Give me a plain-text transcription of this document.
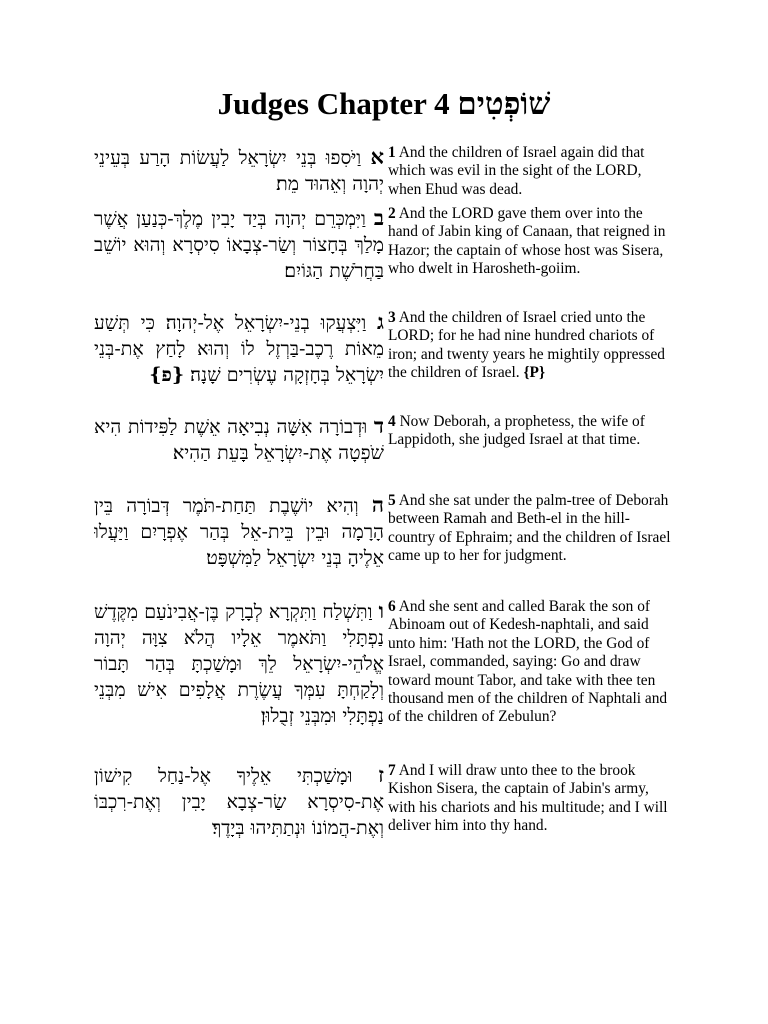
Judges Chapter 4 שׁוֹפְטִים
א וַיֹּסִפוּ בְּנֵי יִשְׂרָאֵל לַעֲשׂוֹת הָרַע בְּעֵינֵי יְהוָה וְאֵהוּד מֵת׃
1 And the children of Israel again did that which was evil in the sight of the LORD, when Ehud was dead.
ב וַיִּמְכְּרֵם יְהוָה בְּיַד יָבִין מֶלֶךְ-כְּנַעַן אֲשֶׁר מָלַךְ בְּחָצוֹר וְשַׂר-צְבָאוֹ סִיסְרָא וְהוּא יוֹשֵׁב בַּחֲרֹשֶׁת הַגּוֹיִם׃
2 And the LORD gave them over into the hand of Jabin king of Canaan, that reigned in Hazor; the captain of whose host was Sisera, who dwelt in Harosheth-goiim.
ג וַיִּצְעֲקוּ בְנֵי-יִשְׂרָאֵל אֶל-יְהוָה׃ כִּי תְּשַׁע מֵאוֹת רֶכֶב-בַּרְזֶל לוֹ וְהוּא לָחַץ אֶת-בְּנֵי יִשְׂרָאֵל בְּחָזְקָה עֶשְׂרִים שָׁנָה׃ {פ}
3 And the children of Israel cried unto the LORD; for he had nine hundred chariots of iron; and twenty years he mightily oppressed the children of Israel. {P}
ד וּדְבוֹרָה אִשָּׁה נְבִיאָה אֵשֶׁת לַפִּידוֹת הִיא שֹׁפְטָה אֶת-יִשְׂרָאֵל בָּעֵת הַהִיא׃
4 Now Deborah, a prophetess, the wife of Lappidoth, she judged Israel at that time.
ה וְהִיא יוֹשֶׁבֶת תַּחַת-תֹּמֶר דְּבוֹרָה בֵּין הָרָמָה וּבֵין בֵּית-אֵל בְּהַר אֶפְרָיִם וַיַּעֲלוּ אֵלֶיהָ בְּנֵי יִשְׂרָאֵל לַמִּשְׁפָּט׃
5 And she sat under the palm-tree of Deborah between Ramah and Beth-el in the hill-country of Ephraim; and the children of Israel came up to her for judgment.
ו וַתִּשְׁלַח וַתִּקְרָא לְבָרָק בֶּן-אֲבִינֹעַם מִקֶּדֶשׁ נַפְתָּלִי וַתֹּאמֶר אֵלָיו הֲלֹא צִוָּה יְהוָה אֱלֹהֵי-יִשְׂרָאֵל לֵךְ וּמָשַׁכְתָּ בְּהַר תָּבוֹר וְלָקַחְתָּ עִמְּךָ עֲשֶׂרֶת אֲלָפִים אִישׁ מִבְּנֵי נַפְתָּלִי וּמִבְּנֵי זְבֻלוּן׃
6 And she sent and called Barak the son of Abinoam out of Kedesh-naphtali, and said unto him: 'Hath not the LORD, the God of Israel, commanded, saying: Go and draw toward mount Tabor, and take with thee ten thousand men of the children of Naphtali and of the children of Zebulun?
ז וּמָשַׁכְתִּי אֵלֶיךָ אֶל-נַחַל קִישׁוֹן אֶת-סִיסְרָא שַׂר-צְבָא יָבִין וְאֶת-רִכְבּוֹ וְאֶת-הֲמוֹנוֹ וּנְתַתִּיהוּ בְּיָדֶךָ׃
7 And I will draw unto thee to the brook Kishon Sisera, the captain of Jabin's army, with his chariots and his multitude; and I will deliver him into thy hand.
